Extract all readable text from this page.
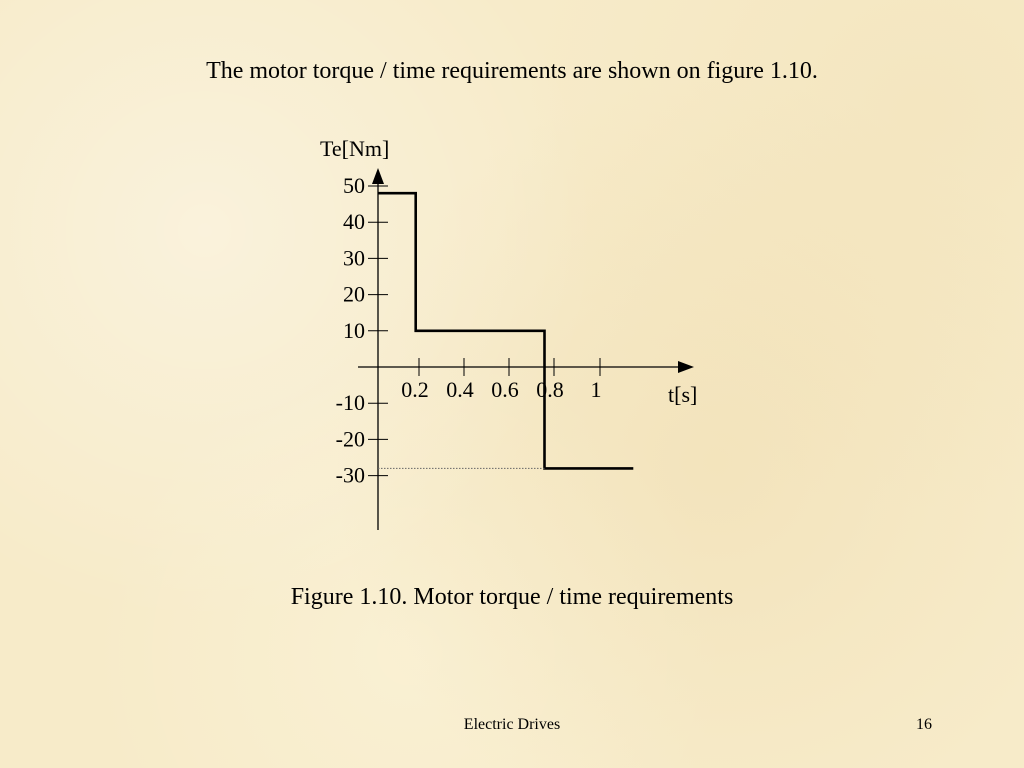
The motor torque / time requirements are shown on figure 1.10.
50
40
30
20
10
-10
-20
-30
0.2 0.4 0.6 0.8 1
Te[Nm]
t[s]
Figure 1.10. Motor torque / time requirements
Electric Drives	16
